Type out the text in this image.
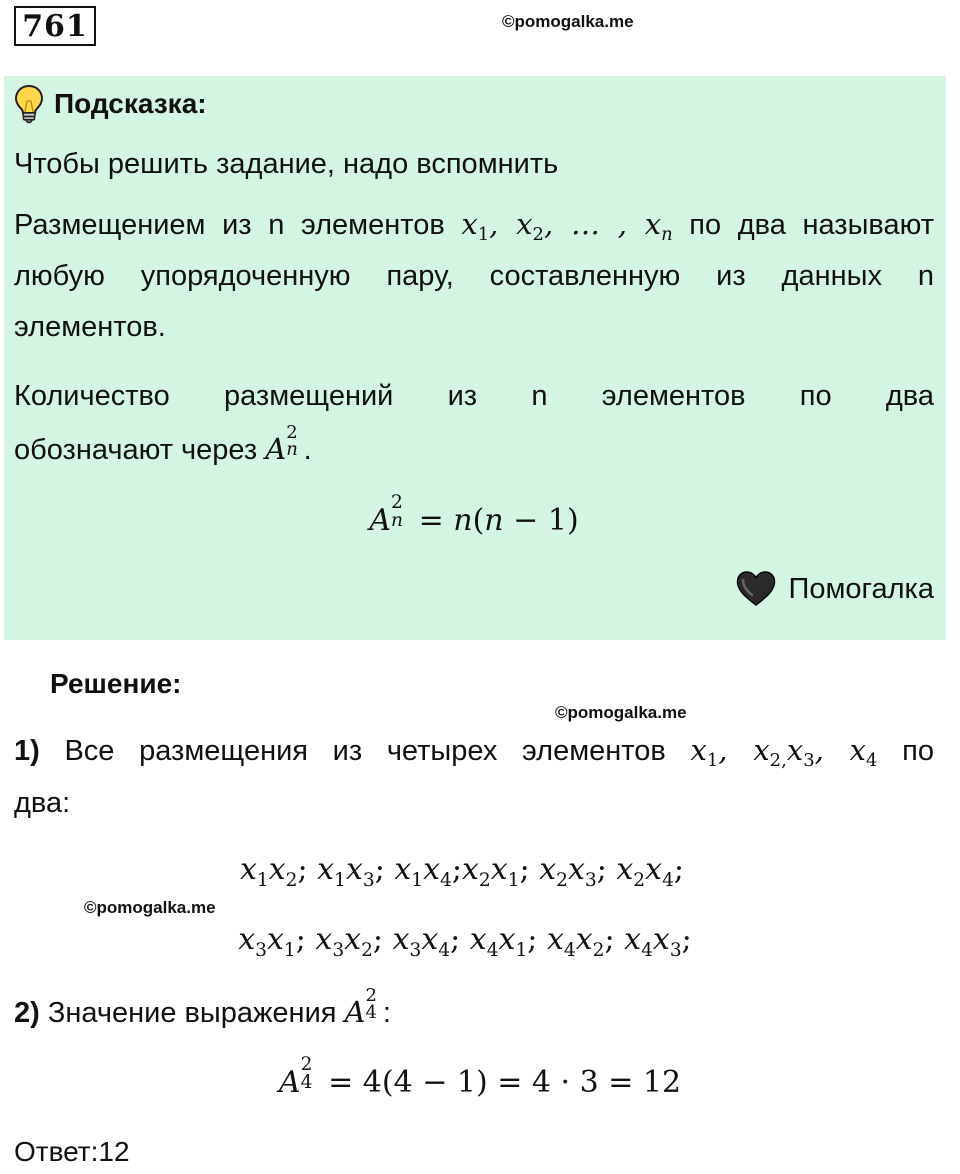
761	©pomogalka.me
Подсказка:
Чтобы решить задание, надо вспомнить
Размещением из n элементов $x_1$, $x_2$, … , $x_n$ по два называют
любую упорядоченную пару, составленную из данных n
элементов.
Количество размещений из n элементов по два
обозначают через A 2
n .
A
2
n = n(n − 1)
Помогалка
Решение:
©pomogalka.me
1) Все размещения из четырех элементов $x_1$, $x_{2,}x_3$, $x_4$ по
два:
$x_1x_2$; $x_1x_3$; $x_1x_4;x_2x_1$; $x_2x_3$; $x_2x_4$;
©pomogalka.me
$x_3x_1$; $x_3x_2$; $x_3x_4$; $x_4x_1$; $x_4x_2$; $x_4x_3$;
2) Значение выражения A 2
4 :
A
2
4 = 4(4 − 1) = 4 · 3 = 12
Ответ:12
